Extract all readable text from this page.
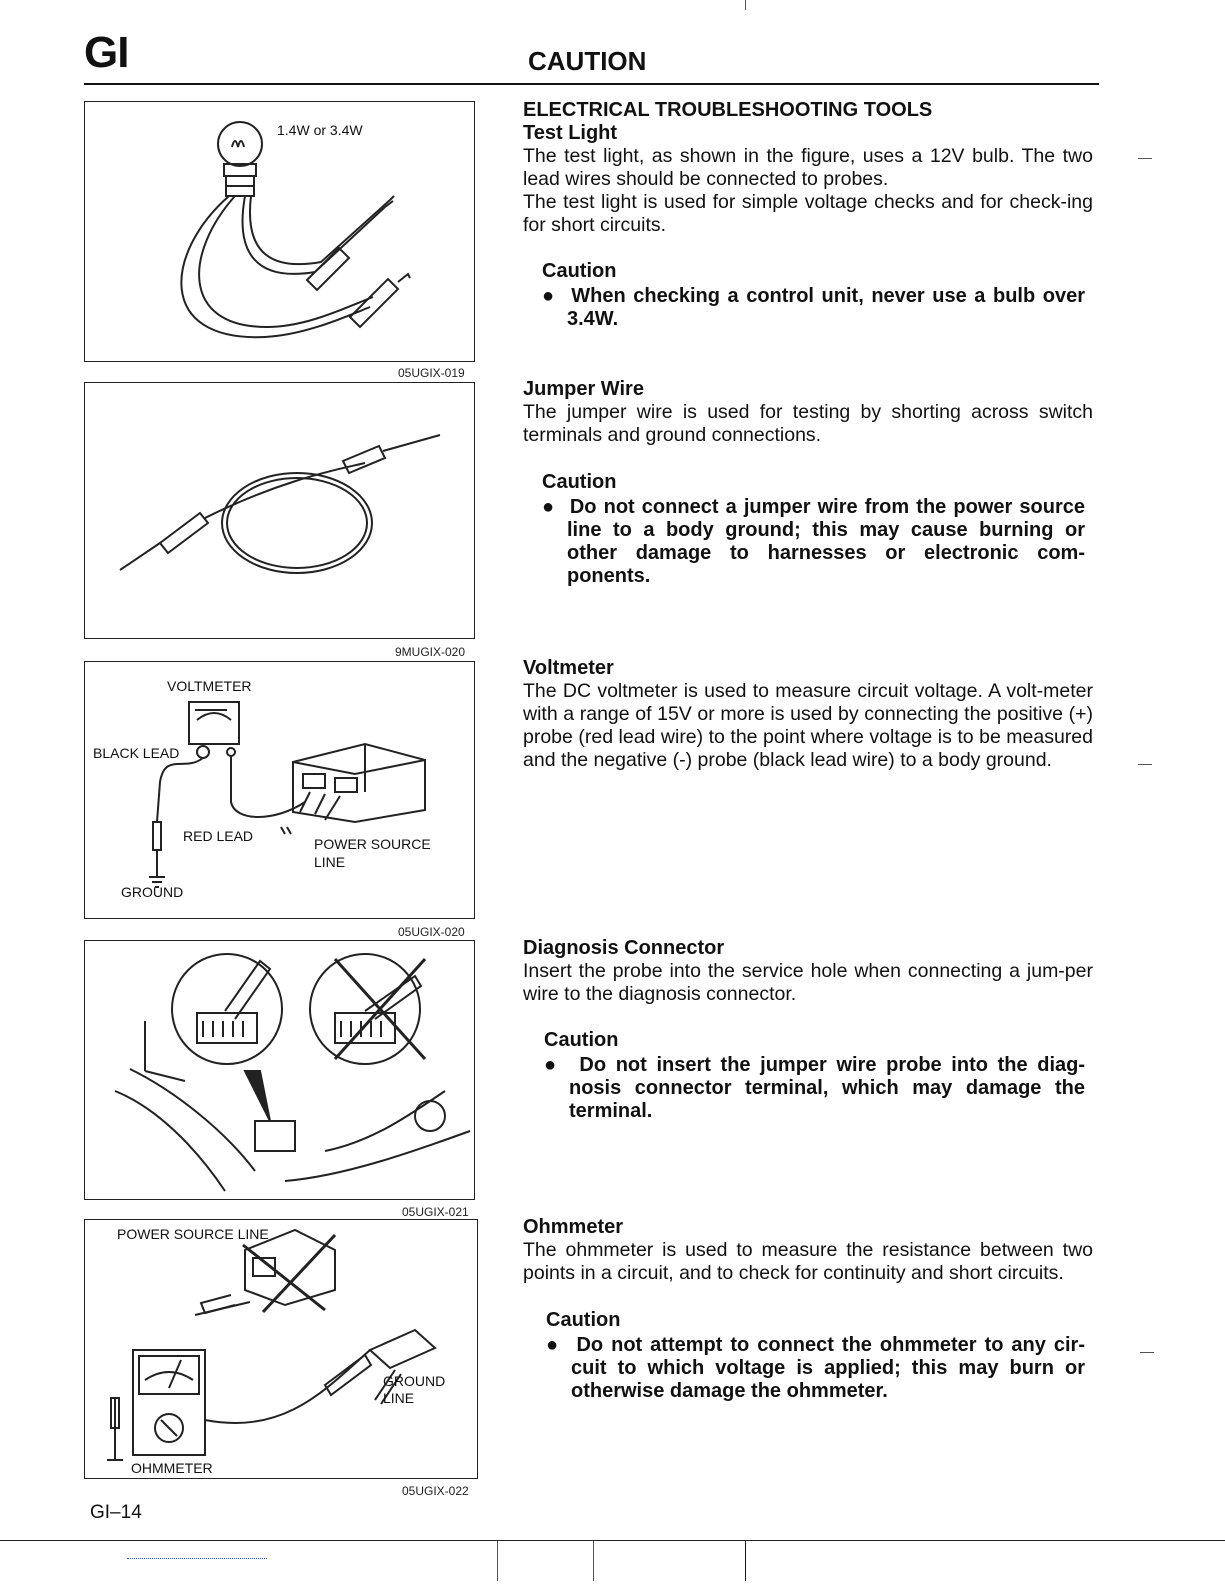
GI	CAUTION
1.4W or 3.4W
05UGIX-019
9MUGIX-020
VOLTMETER
BLACK LEAD
RED LEAD	POWER SOURCE
LINE
GROUND
05UGIX-020
05UGIX-021
POWER SOURCE LINE
GROUND
LINE
OHMMETER
05UGIX-022

ELECTRICAL TROUBLESHOOTING TOOLS

Test Light

The test light, as shown in the figure, uses a 12V bulb. The two lead wires should be connected to probes.

The test light is used for simple voltage checks and for check-ing for short circuits.

Caution

●  When checking a control unit, never use a bulb over 3.4W.

Jumper Wire

The jumper wire is used for testing by shorting across switch terminals and ground connections.

Caution

●  Do not connect a jumper wire from the power source line to a body ground; this may cause burning or other damage to harnesses or electronic com-ponents.

Voltmeter

The DC voltmeter is used to measure circuit voltage. A volt-meter with a range of 15V or more is used by connecting the positive (+) probe (red lead wire) to the point where voltage is to be measured and the negative (-) probe (black lead wire) to a body ground.

Diagnosis Connector

Insert the probe into the service hole when connecting a jum-per wire to the diagnosis connector.

Caution

●  Do not insert the jumper wire probe into the diag-nosis connector terminal, which may damage the terminal.

Ohmmeter

The ohmmeter is used to measure the resistance between two points in a circuit, and to check for continuity and short circuits.

Caution

●  Do not attempt to connect the ohmmeter to any cir-cuit to which voltage is applied; this may burn or otherwise damage the ohmmeter.

GI–14
